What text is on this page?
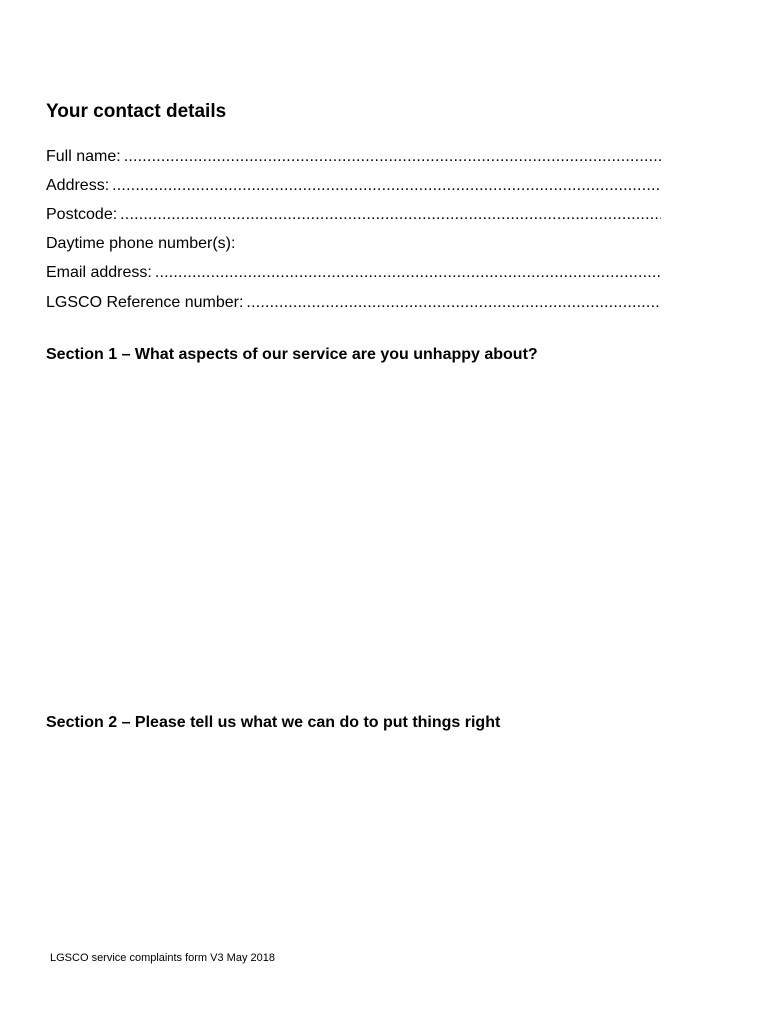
Your contact details
Full name:
.....
Address:
.....
Postcode:
.....
Daytime phone number(s):
Email address:
.....
LGSCO Reference number:
.....
Section 1 – What aspects of our service are you unhappy about?
Section 2 – Please tell us what we can do to put things right
LGSCO service complaints form V3 May 2018
